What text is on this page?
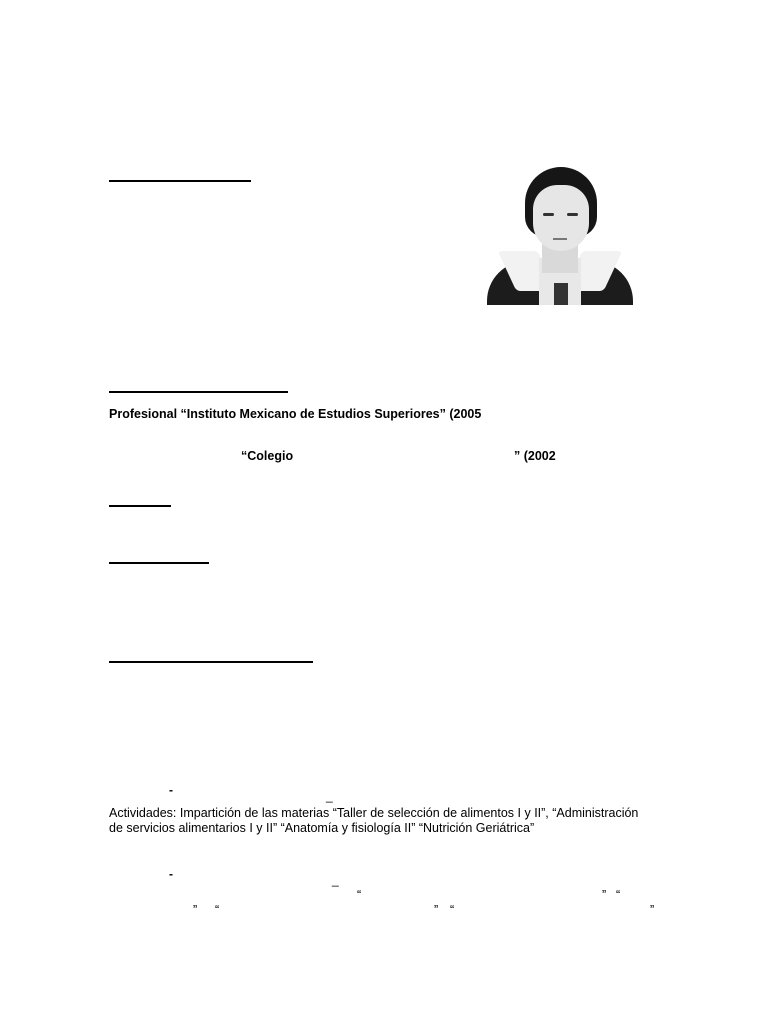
Profesional “Instituto Mexicano de Estudios Superiores” (2005
“Colegio	” (2002
-	_
Actividades: Impartición de las materias “Taller de selección de alimentos I y II”, “Administración
de servicios alimentarios I y II” “Anatomía y fisiología II” “Nutrición Geriátrica”
-	_
“	” “
” “	” “	”
